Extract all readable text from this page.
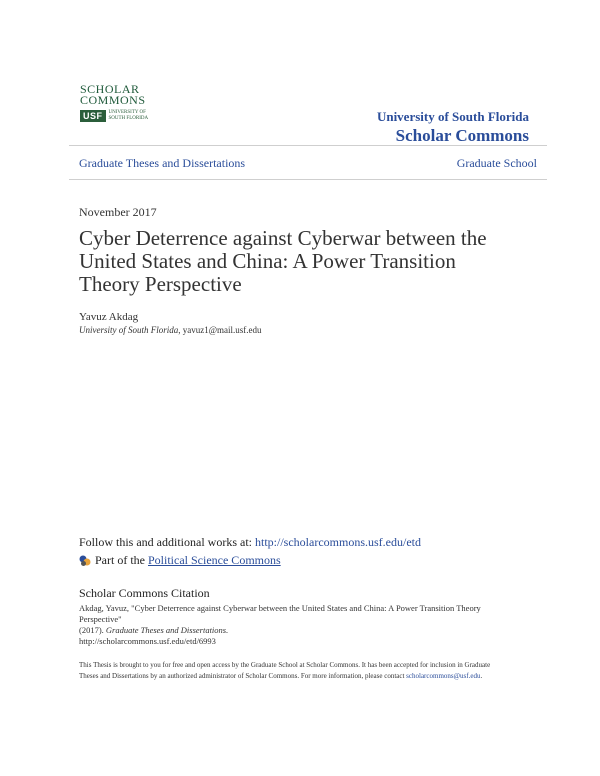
SCHOLAR
COMMONS
USF	UNIVERSITY OF
SOUTH FLORIDA	University of South Florida
Scholar Commons
Graduate Theses and Dissertations	Graduate School
November 2017
Cyber Deterrence against Cyberwar between the United States and China: A Power Transition Theory Perspective
Yavuz Akdag
University of South Florida, yavuz1@mail.usf.edu
Follow this and additional works at: http://scholarcommons.usf.edu/etd
Part of the
Political Science Commons
Scholar Commons Citation
Akdag, Yavuz, "Cyber Deterrence against Cyberwar between the United States and China: A Power Transition Theory Perspective"
(2017). Graduate Theses and Dissertations.
http://scholarcommons.usf.edu/etd/6993
This Thesis is brought to you for free and open access by the Graduate School at Scholar Commons. It has been accepted for inclusion in Graduate
Theses and Dissertations by an authorized administrator of Scholar Commons. For more information, please contact scholarcommons@usf.edu.
